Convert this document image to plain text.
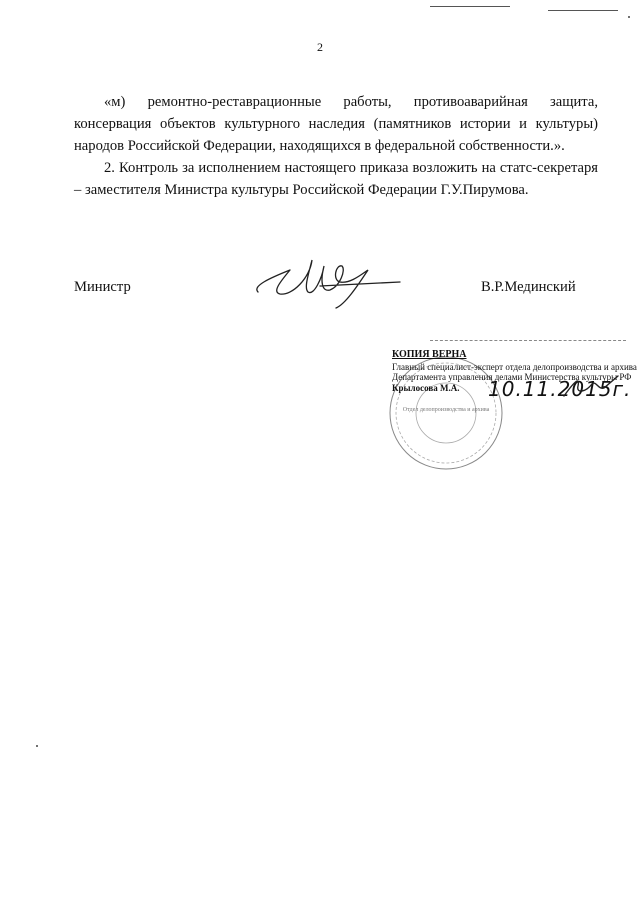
2

«м) ремонтно-реставрационные работы, противоаварийная защита, консервация объектов культурного наследия (памятников истории и культуры) народов Российской Федерации, находящихся в федеральной собственности.».

2. Контроль за исполнением настоящего приказа возложить на статс-секретаря – заместителя Министра культуры Российской Федерации Г.У.Пирумова.

Министр	В.Р.Мединский
Отдел делопроизводства и архива
КОПИЯ ВЕРНА
Главный специалист-эксперт отдела делопроизводства и архива
Департамента управления делами Министерства культуры РФ
Крылосова М.А. 10.11.2015г.
